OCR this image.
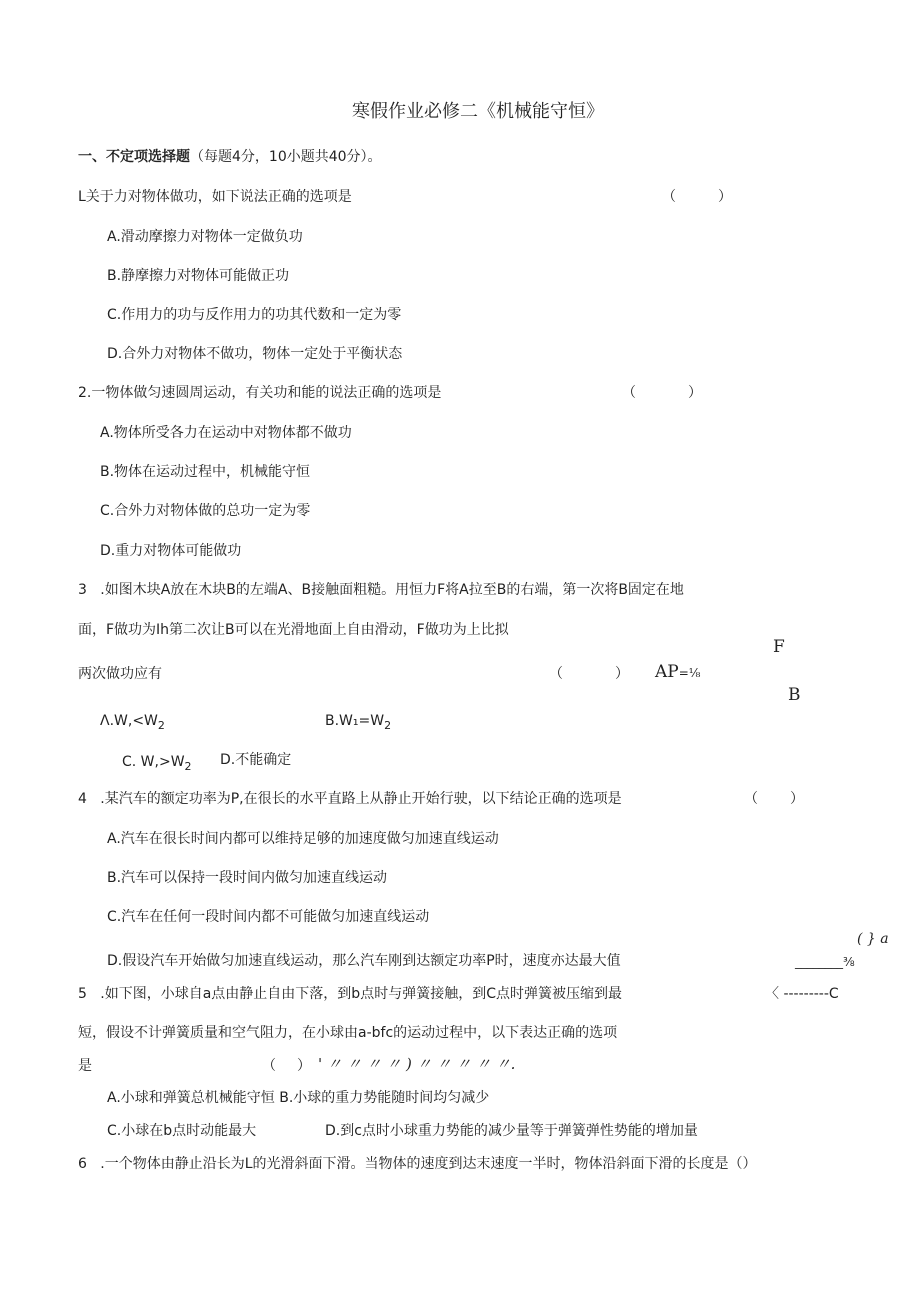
寒假作业必修二《机械能守恒》
一、不定项选择题（每题4分，10小题共40分）。
L关于力对物体做功，如下说法正确的选项是	（	）
A.滑动摩擦力对物体一定做负功
B.静摩擦力对物体可能做正功
C.作用力的功与反作用力的功其代数和一定为零
D.合外力对物体不做功，物体一定处于平衡状态
2.一物体做匀速圆周运动，有关功和能的说法正确的选项是	（	）
A.物体所受各力在运动中对物体都不做功
B.物体在运动过程中，机械能守恒
C.合外力对物体做的总功一定为零
D.重力对物体可能做功
3 .如图木块A放在木块B的左端A、B接触面粗糙。用恒力F将A拉至B的右端，第一次将B固定在地
面，F做功为Ih第二次让B可以在光滑地面上自由滑动，F做功为上比拟
两次做功应有	（	）
F
AP=⅛
B
$\Lambda.W,<W_2$	$B.W_1=W_2$
C. $W,>W_2$ D.不能确定
4 .某汽车的额定功率为P,在很长的水平直路上从静止开始行驶，以下结论正确的选项是	（ ）
A.汽车在很长时间内都可以维持足够的加速度做匀加速直线运动
B.汽车可以保持一段时间内做匀加速直线运动
C.汽车在任何一段时间内都不可能做匀加速直线运动
D.假设汽车开始做匀加速直线运动，那么汽车刚到达额定功率P时，速度亦达最大值
( } a
________⅜
〈 ---------C
5 .如下图，小球自a点由静止自由下落，到b点时与弹簧接触，到C点时弹簧被压缩到最
短，假设不计弹簧质量和空气阻力，在小球由a-bfc的运动过程中，以下表达正确的选项
是	（ ） ' 〃 〃 〃 〃 ) 〃 〃 〃 〃 〃.
A.小球和弹簧总机械能守恒 B.小球的重力势能随时间均匀减少
C.小球在b点时动能最大	D.到c点时小球重力势能的减少量等于弹簧弹性势能的增加量
6 .一个物体由静止沿长为L的光滑斜面下滑。当物体的速度到达末速度一半时，物体沿斜面下滑的长度是（）
